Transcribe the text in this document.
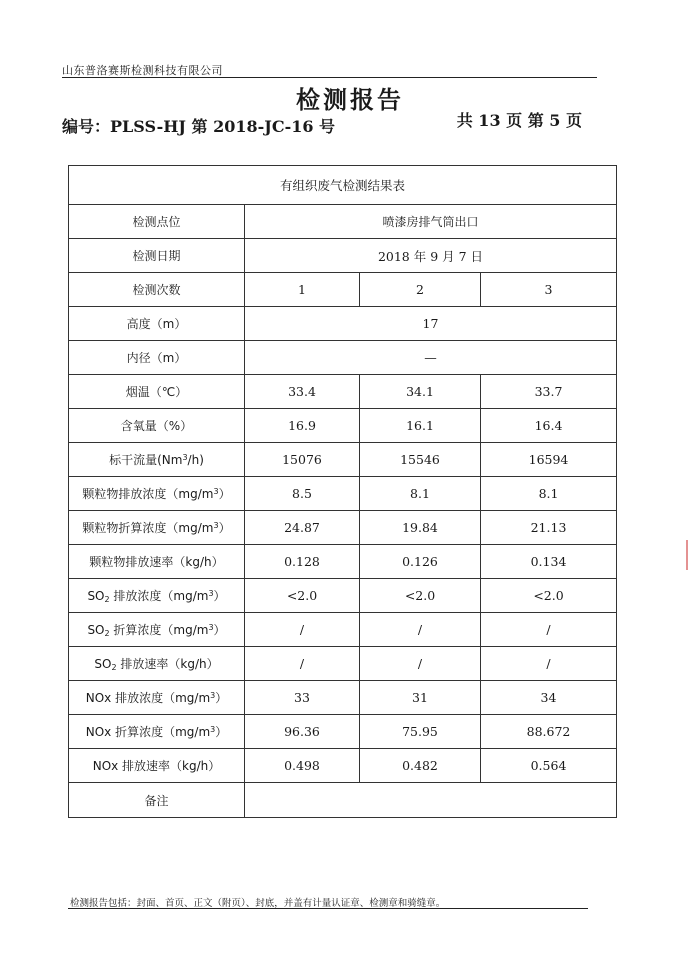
山东普洛赛斯检测科技有限公司
检测报告
编号：PLSS-HJ 第 2018-JC-16 号	共 13 页 第 5 页
有组织废气检测结果表			
检测点位	喷漆房排气筒出口		
检测日期	2018 年 9 月 7 日		
检测次数	1	2	3
高度（m）	17		
内径（m）	—		
烟温（℃）	33.4	34.1	33.7
含氧量（%）	16.9	16.1	16.4
标干流量(Nm$^3$/h)	15076	15546	16594
颗粒物排放浓度$(mg/m^3)$	8.5	8.1	8.1
颗粒物折算浓度$(mg/m^3)$	24.87	19.84	21.13
颗粒物排放速率（kg/h）	0.128	0.126	0.134
$SO_2$ 排放浓度$(mg/m^3)$	<2.0	<2.0	<2.0
$SO_2$ 折算浓度$(mg/m^3)$	/	/	/
$SO_2$ 排放速率（kg/h）	/	/	/
NOx 排放浓度$(mg/m^3)$	33	31	34
NOx 折算浓度$(mg/m^3)$	96.36	75.95	88.672
NOx 排放速率（kg/h）	0.498	0.482	0.564
备注			
检测报告包括：封面、首页、正文（附页）、封底，并盖有计量认证章、检测章和骑缝章。
